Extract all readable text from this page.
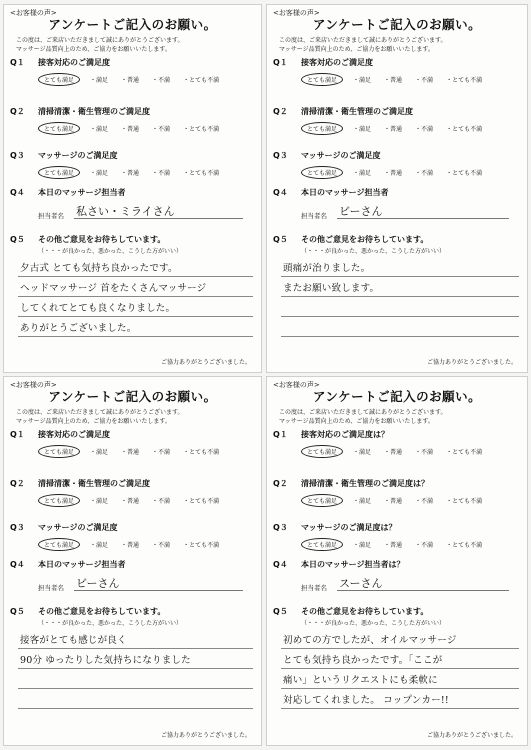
<お客様の声>
アンケートご記入のお願い。
この度は、ご来店いただきまして誠にありがとうございます。
マッサージ品質向上のため、ご協力をお願いいたします。
Q１ 接客対応のご満足度
Q２ 清掃清潔・衛生管理のご満足度
Q３ マッサージのご満足度
Q４ 本日のマッサージ担当者
Q５ その他ご意見をお待ちしています。
とても満足	・満足	・普通	・不満	・とても不満
とても満足	・満足	・普通	・不満	・とても不満
とても満足	・満足	・普通	・不満	・とても不満
担当者名 私さい・ミライさん
（・・・が良かった、悪かった、こうした方がいい）
夕古式 とても気持ち良かったです。
ヘッドマッサージ 首をたくさんマッサージ
してくれてとても良くなりました。
ありがとうございました。
ご協力ありがとうございました。
<お客様の声>
アンケートご記入のお願い。
この度は、ご来店いただきまして誠にありがとうございます。
マッサージ品質向上のため、ご協力をお願いいたします。
Q１ 接客対応のご満足度
Q２ 清掃清潔・衛生管理のご満足度
Q３ マッサージのご満足度
Q４ 本日のマッサージ担当者
Q５ その他ご意見をお待ちしています。
とても満足	・満足	・普通	・不満	・とても不満
とても満足	・満足	・普通	・不満	・とても不満
とても満足	・満足	・普通	・不満	・とても不満
担当者名 ビーさん
（・・・が良かった、悪かった、こうした方がいい）
頭痛が治りました。
またお願い致します。
ご協力ありがとうございました。
<お客様の声>
アンケートご記入のお願い。
この度は、ご来店いただきまして誠にありがとうございます。
マッサージ品質向上のため、ご協力をお願いいたします。
Q１ 接客対応のご満足度
Q２ 清掃清潔・衛生管理のご満足度
Q３ マッサージのご満足度
Q４ 本日のマッサージ担当者
Q５ その他ご意見をお待ちしています。
とても満足	・満足	・普通	・不満	・とても不満
とても満足	・満足	・普通	・不満	・とても不満
とても満足	・満足	・普通	・不満	・とても不満
担当者名 ビーさん
（・・・が良かった、悪かった、こうした方がいい）
接客がとても感じが良く
90分 ゆったりした気持ちになりました
ご協力ありがとうございました。
<お客様の声>
アンケートご記入のお願い。
この度は、ご来店いただきまして誠にありがとうございます。
マッサージ品質向上のため、ご協力をお願いいたします。
Q１ 接客対応のご満足度は？
Q２ 清掃清潔・衛生管理のご満足度は？
Q３ マッサージのご満足度は？
Q４ 本日のマッサージ担当者は？
Q５ その他ご意見をお待ちしています。
とても満足	・満足	・普通	・不満	・とても不満
とても満足	・満足	・普通	・不満	・とても不満
とても満足	・満足	・普通	・不満	・とても不満
担当者名 スーさん
（・・・が良かった、悪かった、こうした方がいい）
初めての方でしたが、オイルマッサージ
とても気持ち良かったです。「ここが
痛い」というリクエストにも柔軟に
対応してくれました。 コップンカー!!
ご協力ありがとうございました。
